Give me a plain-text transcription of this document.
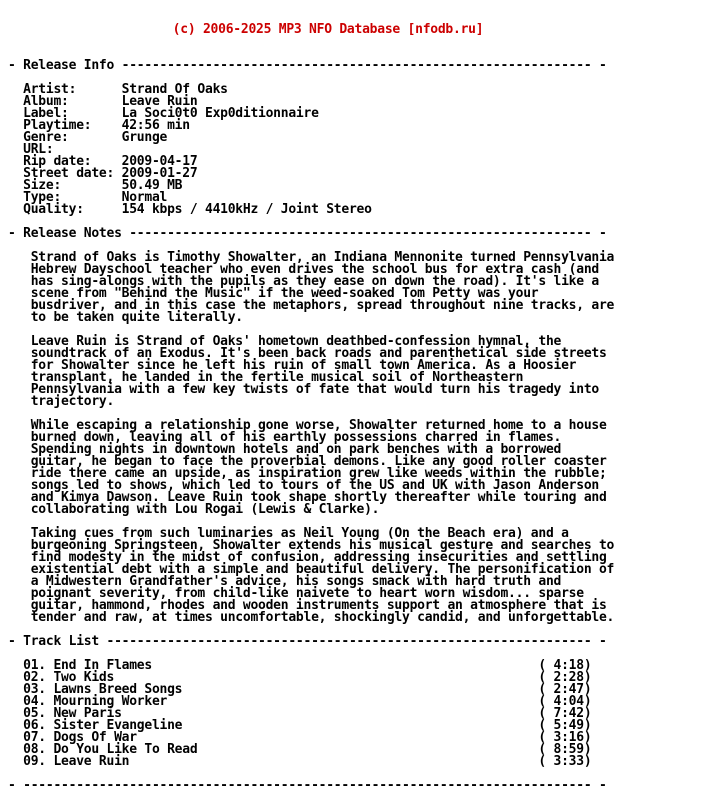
(c) 2006-2025 MP3 NFO Database [nfodb.ru]

- Release Info -------------------------------------------------------------- -
Artist:      Strand Of Oaks
Album:       Leave Ruin
Label:       La Soci0t0 Exp0ditionnaire
Playtime:    42:56 min
Genre:       Grunge
URL:
Rip date:    2009-04-17
Street date: 2009-01-27
Size:        50.49 MB
Type:        Normal
Quality:     154 kbps / 4410kHz / Joint Stereo
- Release Notes ------------------------------------------------------------- -
Strand of Oaks is Timothy Showalter, an Indiana Mennonite turned Pennsylvania
Hebrew Dayschool teacher who even drives the school bus for extra cash (and
has sing-alongs with the pupils as they ease on down the road). It's like a
scene from "Behind the Music" if the weed-soaked Tom Petty was your
busdriver, and in this case the metaphors, spread throughout nine tracks, are
to be taken quite literally.
Leave Ruin is Strand of Oaks' hometown deathbed-confession hymnal, the
soundtrack of an Exodus. It's been back roads and parenthetical side streets
for Showalter since he left his ruin of small town America. As a Hoosier
transplant, he landed in the fertile musical soil of Northeastern
Pennsylvania with a few key twists of fate that would turn his tragedy into
trajectory.
While escaping a relationship gone worse, Showalter returned home to a house
burned down, leaving all of his earthly possessions charred in flames.
Spending nights in downtown hotels and on park benches with a borrowed
guitar, he began to face the proverbial demons. Like any good roller coaster
ride there came an upside, as inspiration grew like weeds within the rubble;
songs led to shows, which led to tours of the US and UK with Jason Anderson
and Kimya Dawson. Leave Ruin took shape shortly thereafter while touring and
collaborating with Lou Rogai (Lewis & Clarke).
Taking cues from such luminaries as Neil Young (On the Beach era) and a
burgeoning Springsteen, Showalter extends his musical gesture and searches to
find modesty in the midst of confusion, addressing insecurities and settling
existential debt with a simple and beautiful delivery. The personification of
a Midwestern Grandfather's advice, his songs smack with hard truth and
poignant severity, from child-like naivete to heart worn wisdom... sparse
guitar, hammond, rhodes and wooden instruments support an atmosphere that is
tender and raw, at times uncomfortable, shockingly candid, and unforgettable.
- Track List ---------------------------------------------------------------- -
01. End In Flames                                                   ( 4:18)
02. Two Kids                                                        ( 2:28)
03. Lawns Breed Songs                                               ( 2:47)
04. Mourning Worker                                                 ( 4:04)
05. New Paris                                                       ( 7:42)
06. Sister Evangeline                                               ( 5:49)
07. Dogs Of War                                                     ( 3:16)
08. Do You Like To Read                                             ( 8:59)
09. Leave Ruin                                                      ( 3:33)
- --------------------------------------------------------------------------- -
